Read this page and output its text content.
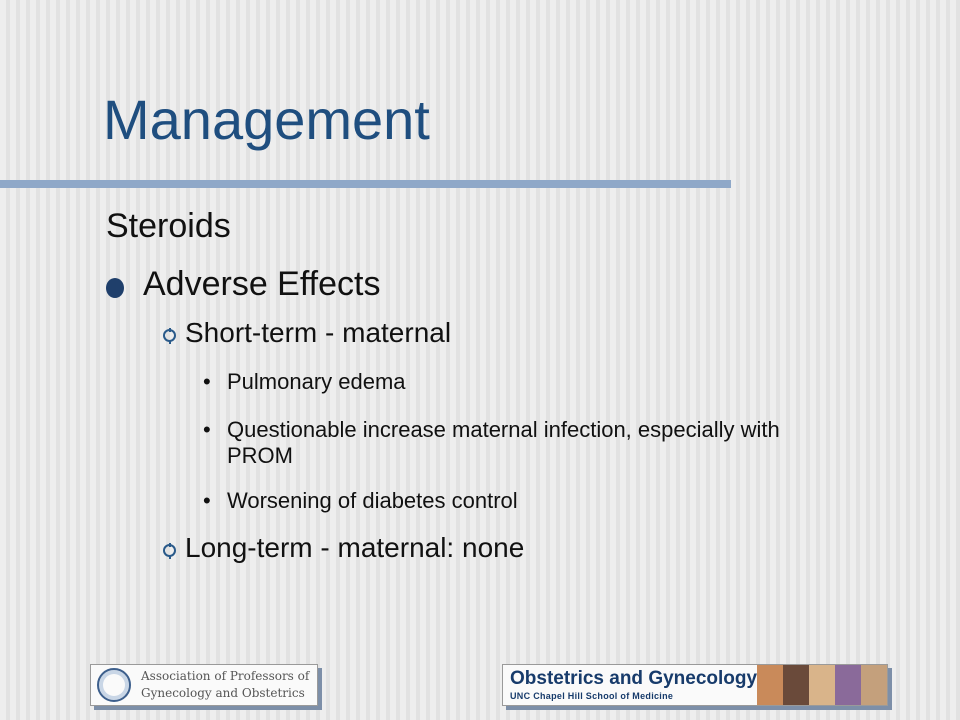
Management
Steroids
Adverse Effects
Short-term - maternal
• Pulmonary edema
• Questionable increase maternal infection, especially with PROM
• Worsening of diabetes control
Long-term - maternal: none
Association of Professors of
Gynecology and Obstetrics
Obstetrics and Gynecology
UNC Chapel Hill School of Medicine
